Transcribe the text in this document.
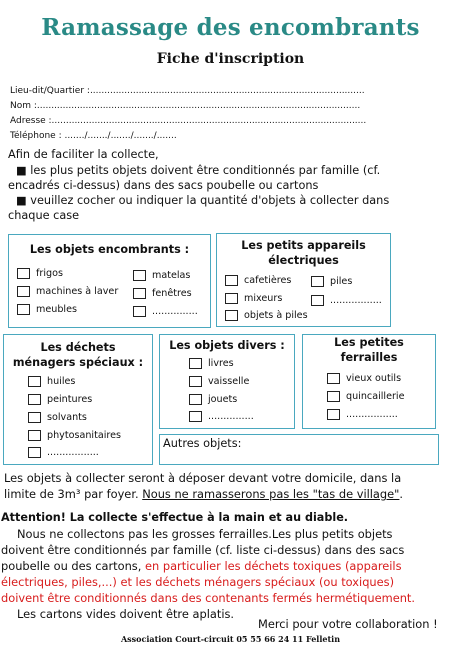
Ramassage des encombrants
Fiche d'inscription
Lieu-dit/Quartier :................................................................................................
Nom :.................................................................................................................
Adresse :..............................................................................................................
Téléphone : ......./......./......./......./.......
Afin de faciliter la collecte,
■ les plus petits objets doivent être conditionnés par famille (cf.
encadrés ci-dessus) dans des sacs poubelle ou cartons
■ veuillez cocher ou indiquer la quantité d'objets à collecter dans
chaque case
Les objets encombrants :
frigos
machines à laver
meubles
matelas
fenêtres
...............
Les petits appareils
électriques
cafetières
mixeurs
objets à piles
piles
.................
Les déchets
ménagers spéciaux :
huiles
peintures
solvants
phytosanitaires
.................
Les objets divers :
livres
vaisselle
jouets
...............
Les petites
ferrailles
vieux outils
quincaillerie
.................
Autres objets:
Les objets à collecter seront à déposer devant votre domicile, dans la
limite de 3m³ par foyer. Nous ne ramasserons pas les "tas de village".
Attention! La collecte s'effectue à la main et au diable.
Nous ne collectons pas les grosses ferrailles.Les plus petits objets
doivent être conditionnés par famille (cf. liste ci-dessus) dans des sacs
poubelle ou des cartons, en particulier les déchets toxiques (appareils
électriques, piles,...) et les déchets ménagers spéciaux (ou toxiques)
doivent être conditionnés dans des contenants fermés hermétiquement.
Les cartons vides doivent être aplatis.
Merci pour votre collaboration !
Association Court-circuit 05 55 66 24 11 Felletin
